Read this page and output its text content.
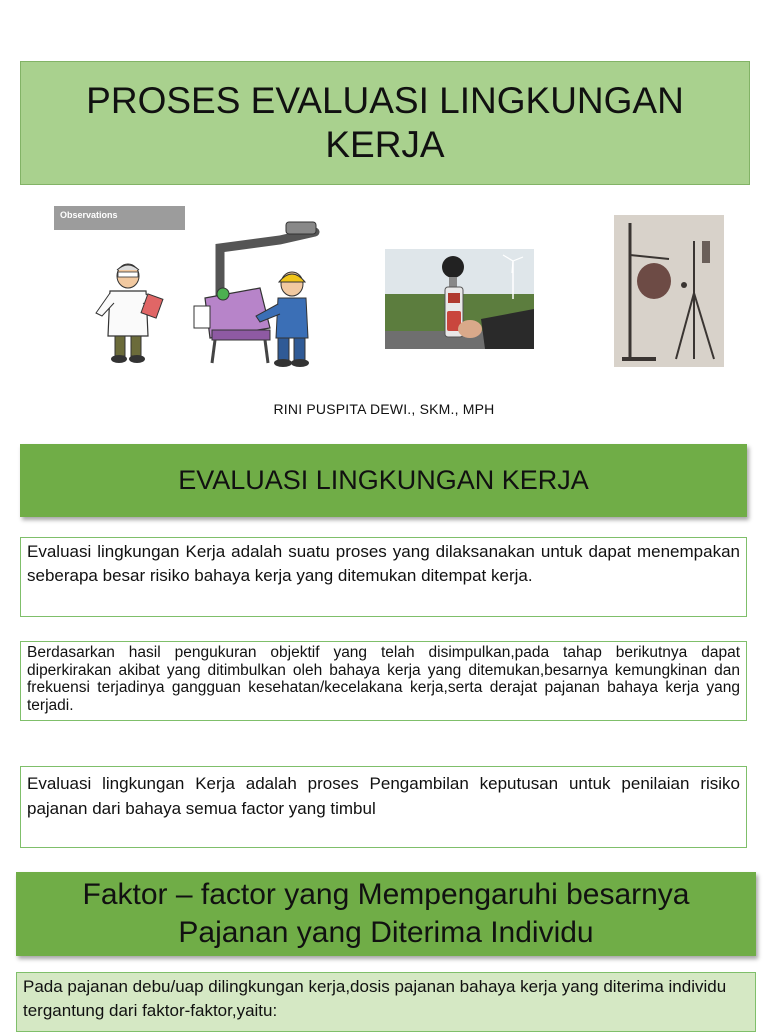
PROSES EVALUASI LINGKUNGAN KERJA
Observations
RINI PUSPITA DEWI., SKM., MPH
EVALUASI LINGKUNGAN KERJA
Evaluasi lingkungan Kerja adalah suatu proses yang dilaksanakan untuk dapat menempakan seberapa besar risiko bahaya kerja yang ditemukan ditempat kerja.
Berdasarkan hasil pengukuran objektif yang telah disimpulkan,pada tahap berikutnya dapat diperkirakan akibat yang ditimbulkan oleh bahaya kerja yang ditemukan,besarnya kemungkinan dan frekuensi terjadinya gangguan kesehatan/kecelakana kerja,serta derajat pajanan bahaya kerja yang terjadi.
Evaluasi lingkungan Kerja adalah proses Pengambilan keputusan untuk penilaian risiko pajanan dari bahaya semua factor yang timbul
Faktor – factor yang Mempengaruhi besarnya Pajanan yang Diterima Individu
Pada pajanan debu/uap dilingkungan kerja,dosis pajanan bahaya kerja yang diterima individu tergantung dari faktor-faktor,yaitu:
